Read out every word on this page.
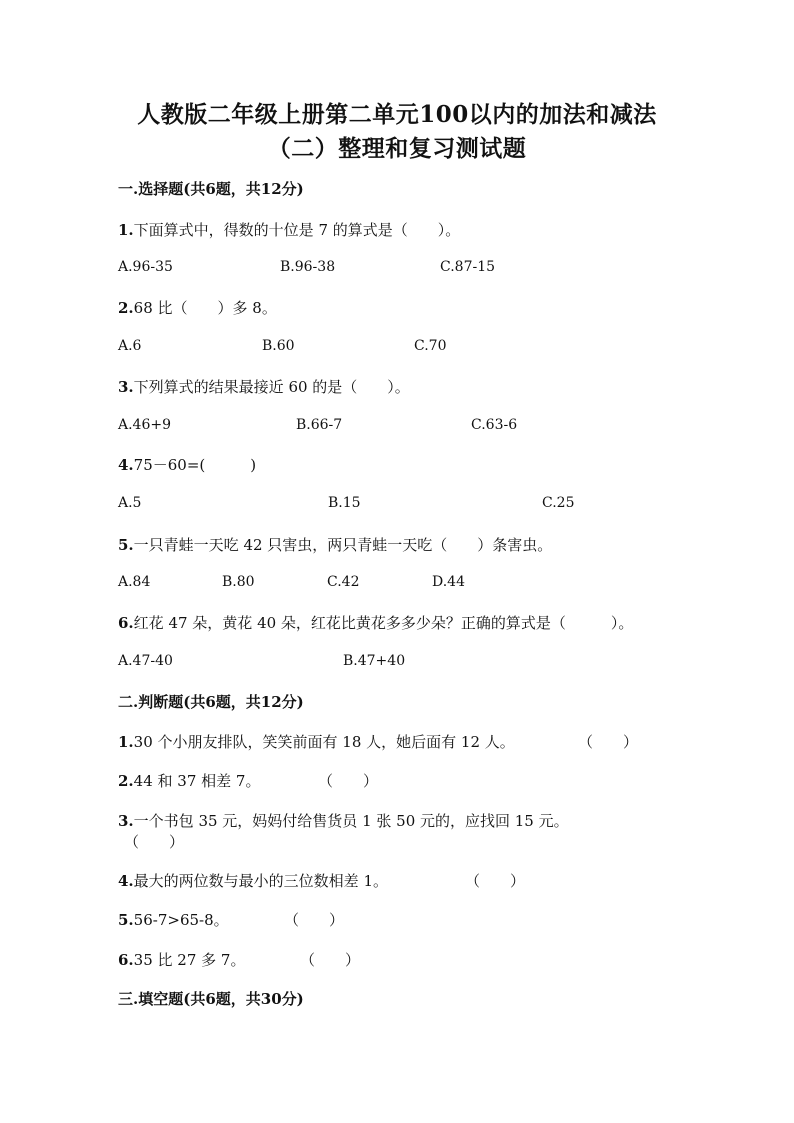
人教版二年级上册第二单元100以内的加法和减法
（二）整理和复习测试题
一.选择题(共6题，共12分)
1.下面算式中，得数的十位是 7 的算式是（　　）。
A.96-35	B.96-38	C.87-15
2.68 比（　　）多 8。
A.6	B.60	C.70
3.下列算式的结果最接近 60 的是（　　）。
A.46+9	B.66-7	C.63-6
4.75－60=(　　　)
A.5	B.15	C.25
5.一只青蛙一天吃 42 只害虫，两只青蛙一天吃（　　）条害虫。
A.84	B.80	C.42	D.44
6.红花 47 朵，黄花 40 朵，红花比黄花多多少朵？正确的算式是（　　　）。
A.47-40	B.47+40
二.判断题(共6题，共12分)
1.30 个小朋友排队，笑笑前面有 18 人，她后面有 12 人。	（　　）
2.44 和 37 相差 7。	（　　）
3.一个书包 35 元，妈妈付给售货员 1 张 50 元的，应找回 15 元。
（　　）
4.最大的两位数与最小的三位数相差 1。	（　　）
5.56-7>65-8。	（　　）
6.35 比 27 多 7。	（　　）
三.填空题(共6题，共30分)
